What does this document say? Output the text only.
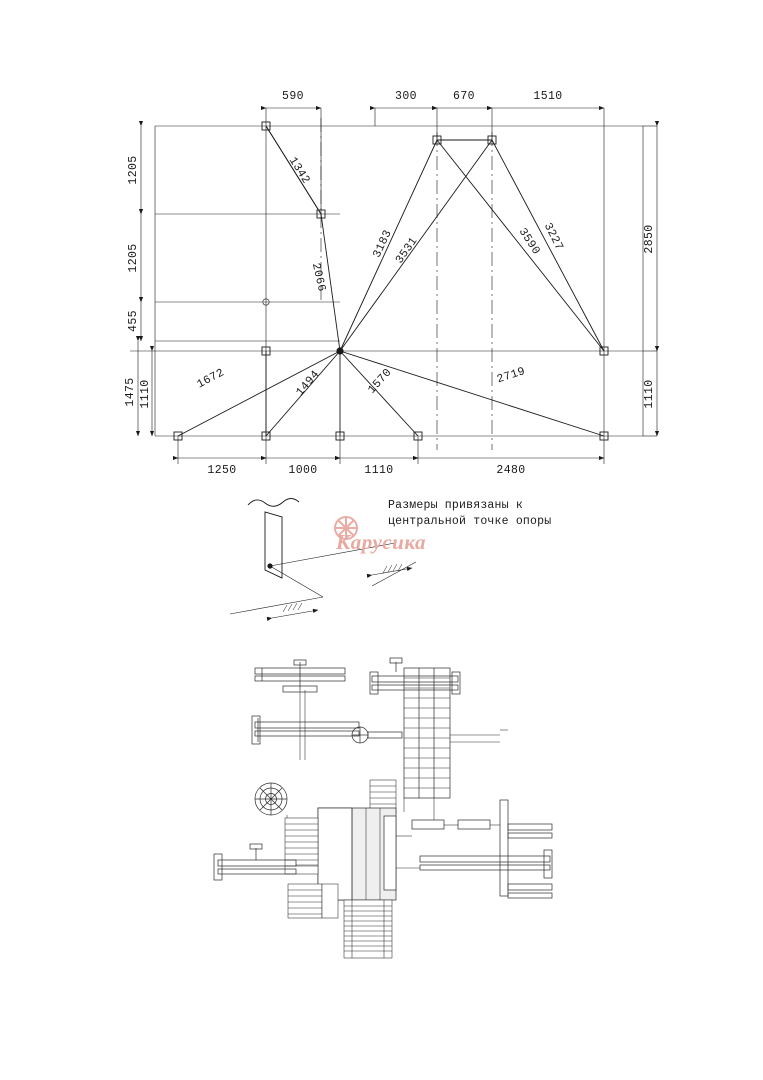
590	300	670	1510
1205
1205
455
1110
1475
2850
1110
1250	1000	1110	2480
1342
2066
3183
3531	3590
3227
1672	1494	1570	2719
Размеры привязаны к
центральной точке опоры
Карусика
